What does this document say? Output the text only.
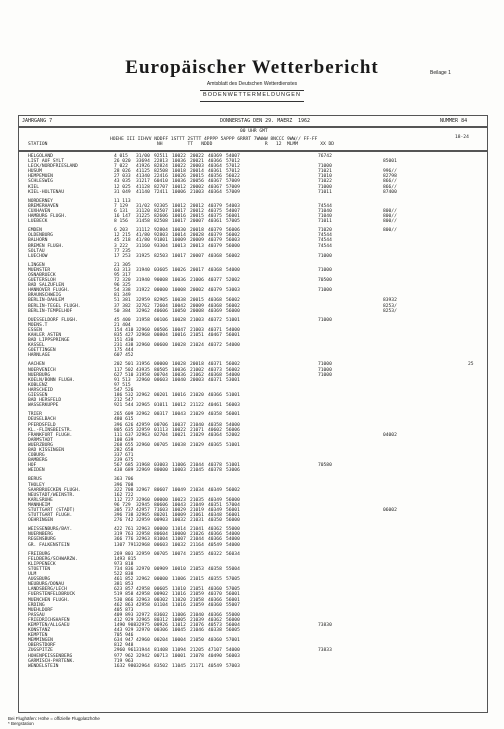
Europäischer Wetterbericht	Beilage 1
Amtsblatt des Deutschen Wetterdienstes
BODENWETTERMELDUNGEN
JAHRGANG 7	DONNERSTAG DEN 29. MAERZ 1962	NUMMER 84
00 UHR GMT
18-24
STATION
HOEHE III IIHVV NDDFF 1STTT 2STTT 4PPPP 5APPP 6RRRT 7WWWW 8NCCC 9WW// FF-FF
NH         TT   NDDD                   R   12  MLMM        XX DD
HELGOLAND	4 015 31/00 92511 10022 20022 40369 54007	76742
LIST AUF SYLT	26 020 33694 22813 10036 20021 40366 57012	85001
LECK/NORDFRIESLAND	7 022 41926 82824 10022 20003 40364 57012	71000
HUSUM	28 026 41125 82508 10018 20014 40361 57012	71021	996//
HEMPEMUEN	27 033 41340 22416 10026 20015 40356 56022	71010	82798
SCHLESWIG	43 035 31217 60410 10036 20056 40367 57009	71022	866//
KIEL	12 025 41128 82707 10012 20002 40367 57009	71000	866//
KIEL-HOLTENAU	31 049 41140 72411 10006 21003 40364 57009	71011	87400
NORDERNEY	11 113
BREMERHAVEN	7 129 31/02 92305 10012 20012 40379 54003	74544
CUXHAVEN	6 131 31120 82507 10017 20012 40375 54007	71040	800//
HAMBURG FLUGH.	16 147 31225 82606 10016 20015 40375 56001	71040	800//
LUEBECK	8 156 31458 82508 10017 20007 40361 57005	71011	800//
EMDEN	6 203 31112 92804 10030 20018 40379 56006	71020	800//
OLDENBURG	12 215 41/80 92803 10014 20028 40379 56002	74544
BALHORN	45 218 41/80 91801 10009 20009 40379 56003	74544
BREMEN FLUGH.	3 222 31160 93304 10013 20013 40379 56000	74544
SOLTAU	77 235
LUECHOW	17 253 31925 82503 10017 20007 40368 56002	71000
LINGEN	21 305
MUENSTER	63 313 31940 03605 10026 20017 40368 54000	71000
OSNABRUECK	95 317
GUETERSLOH	72 320 31940 90008 10036 21006 40377 52002	70500
BAD SALZUFLEN	96 325
HANNOVER FLUGH.	54 338 31922 00000 10008 20002 40379 53003	71000
BRAUNSCHWEIG	81 349
BERLIN-DAHLEM	51 381 32959 82905 10038 20015 40368 56002	83932
BERLIN-TEGEL FLUGH.	37 382 32762 72604 10042 20009 40368 56002	8253/
BERLIN-TEMPELHOF	50 384 32962 40606 10050 20008 40369 56000	8253/
DUESSELDORF FLUGH.	45 400 31958 00106 10028 21003 40372 51001	71000
MOENS.T	21 404
ESSEN	154 410 32960 00506 10047 21003 40371 54000
KAHLER ASTEN	835 427 32968 00804 10016 21051 40467 56001
BAD LIPPSPRINGE	151 430
KASSEL	231 438 32960 00600 10028 21024 40372 54000
GOETTINGEN	175 444
HARNLAGE	607 452
AACHEN	202 501 31956 00000 10028 20018 40371 56002	71000	25
NOERVENICH	117 502 43935 80505 10036 21002 40373 56002	71000
NUERBURG	627 510 31958 00704 10036 21062 40368 54000	71000
KOELN/BONN FLUGH.	91 513 32960 00603 10040 20003 40371 53001
KOBLENZ	97 515
HARSCHEID	547 526
GIESSEN	186 532 32962 00201 10016 21020 40366 51001
BAD HERSFELD	212 547
WASSERKUPPE	921 544 32965 01011 10012 21122 40461 56003
TRIER	265 609 32962 00317 10043 21029 40358 56001
DEUSELBACH	480 615
PFERDSFELD	396 626 42959 00706 10037 21040 40358 54000
KL.-FLINSBEISTR.	805 635 32959 01113 10022 21071 40602 56006
FRANKFURT FLUGH.	111 637 32963 02704 10021 21029 40364 52002	04002
DARMSTADT	108 639
WUERZBURG	268 655 32960 00705 10038 21029 40365 51001
BAD KISSINGEN	282 658
COBURG	337 671
BAMBERG	239 675
HOF	567 685 31968 03003 11006 21044 40378 51001	70580
WEIDEN	438 689 32969 80000 10003 21045 40378 53006
BERUS	363 706
THOLEY	396 708
SAARBRUECKEN FLUGH.	322 708 32967 80607 10049 21034 40349 56002
NEUSTADT/WEINSTR.	162 722
KARLSRUHE	112 727 32960 00000 10023 21035 40349 56000
MANNHEIM	96 729 32945 80606 10043 21049 40351 57004
STUTTGART (STADT)	305 737 42957 71603 10029 21019 40349 56001	06002
STUTTGART FLUGH.	396 738 32965 80201 10009 21061 40348 56001
OEHRINGEN	276 742 32959 00903 10032 21031 40350 56000
WEISSENBURG/BAY.	422 761 32963 00000 11014 21041 40362 55000
NUERNBERG	319 763 32958 80604 10000 21026 40366 54000
REGENSBURG	366 776 32963 81004 11007 21044 40366 54000
GR. FALKENSTEIN	1307 791 32968 00603 10032 21164 40549 54000
FREIBURG	269 803 32959 00705 10074 21055 40322 56034
FELDBERG/SCHWARZW.	1493 815
KLIPPENECK	973 818
STOETTEN	734 836 32970 00909 10010 21053 40358 55004
ULM	522 838
AUGSBURG	461 852 32962 00000 11006 21015 40355 57005
NEUBURG/DONAU	381 853
LANDSBERG/LECH	623 857 42958 00605 11010 21051 40360 57005
FUERSTENFELDBRUCK	519 858 42958 00902 11016 21059 40370 56001
MUENCHEN FLUGH.	530 866 32963 00302 11020 21058 40366 56001
ERDING	462 863 42958 01104 11016 21059 40360 55007
MUEHLDORF	405 873
PASSAU	409 893 32972 83602 11006 21040 40366 55000
FRIEDRICHSHAFEN	412 929 32965 80312 10005 21039 40362 56000
KEMPTEN/ALLGAEU	1490 908 32975 00926 11012 21076 40573 56004	73830
KONSTANZ	443 929 32970 00306 10045 21046 40338 56005
KEMPTEN	705 946
MEMMINGEN	634 947 42960 00204 10004 21050 40360 57001
OBERSTDORF	812 948
ZUGSPITZE	2960 961 31944 81408 11094 21205 47107 54000	73833
HOHENPEISSENBERG	977 962 32942 00713 10001 21078 40490 56003
GARMISCH-PARTENK.	719 963
WENDELSTEIN	1632 980 32964 83502 11045 21171 40549 57003
Bei Flughäfen: Höhe = offizielle Flugplatzhöhe
* Bergstation
